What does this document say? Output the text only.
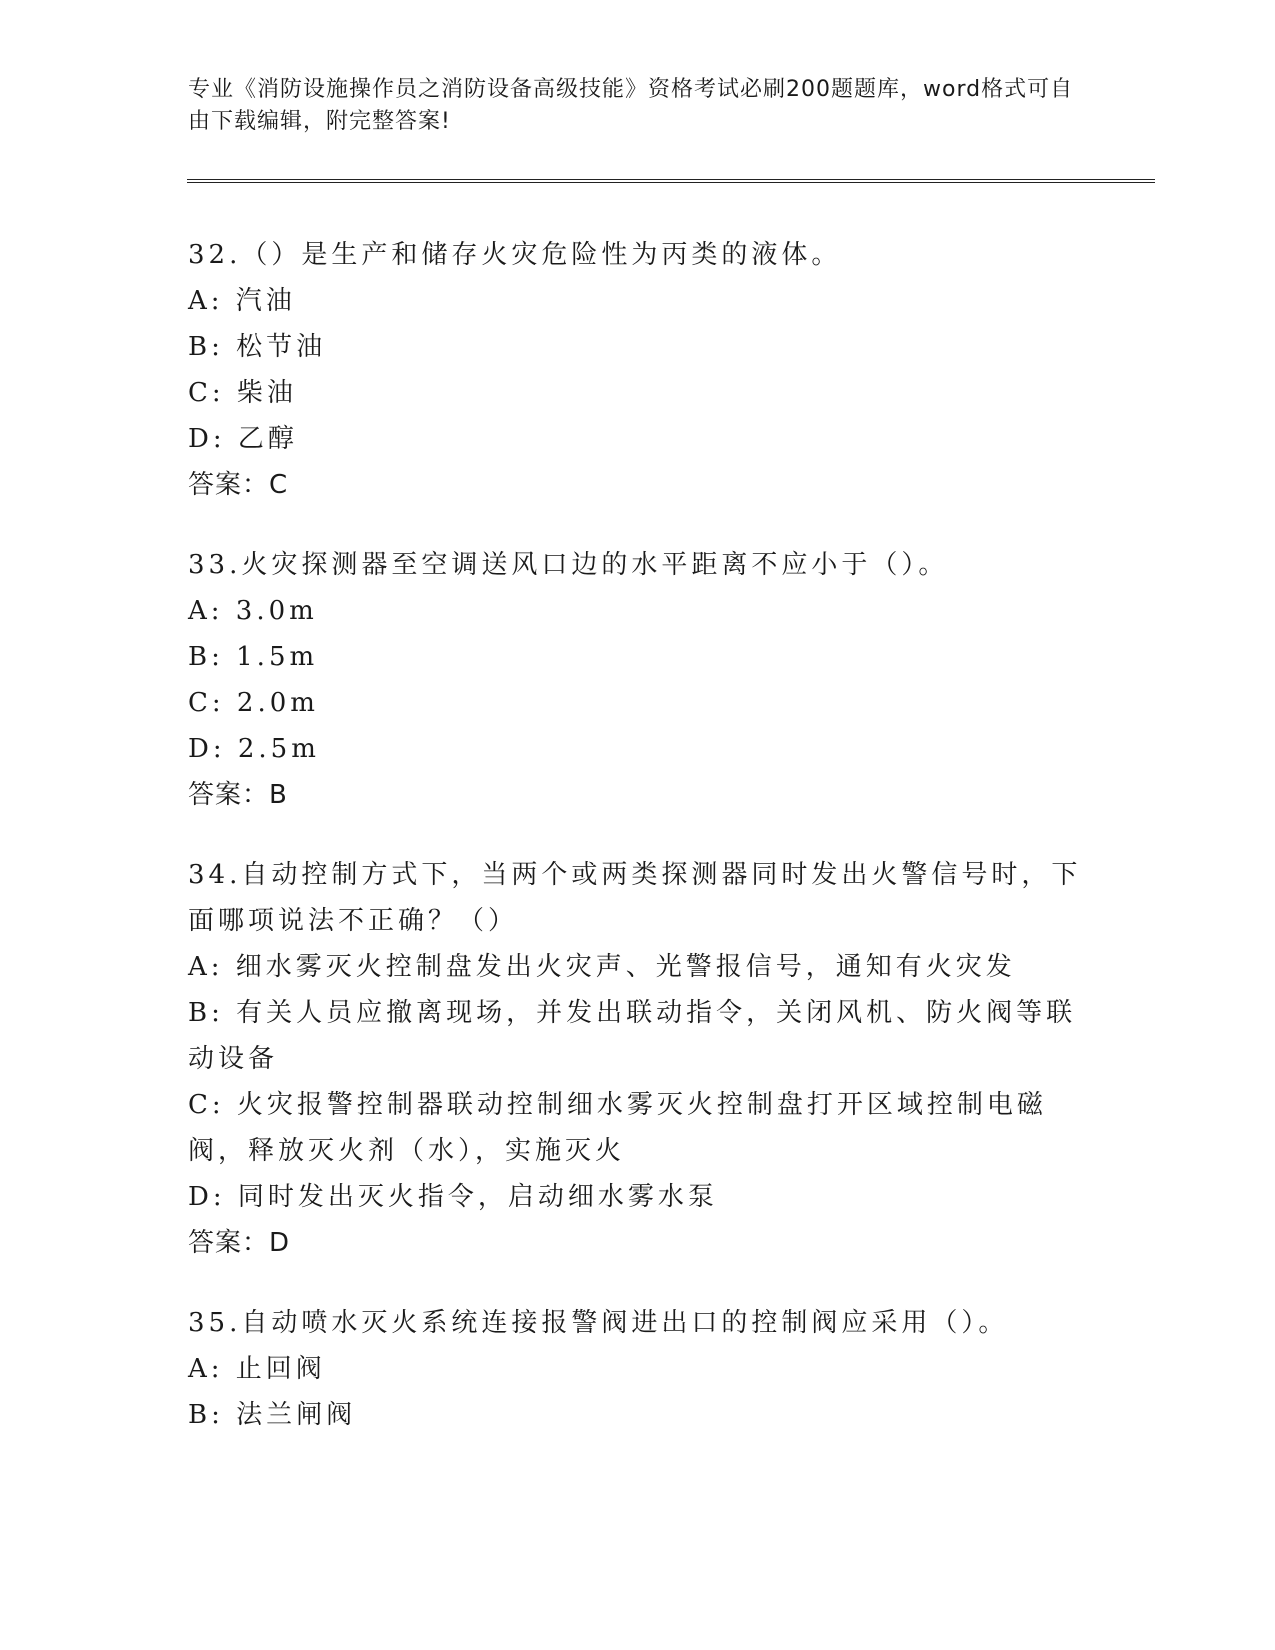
专业《消防设施操作员之消防设备高级技能》资格考试必刷200题题库，word格式可自由下载编辑，附完整答案!
32.（）是生产和储存火灾危险性为丙类的液体。
A: 汽油
B: 松节油
C: 柴油
D: 乙醇
答案：C
33.火灾探测器至空调送风口边的水平距离不应小于（）。
A: 3.0m
B: 1.5m
C: 2.0m
D: 2.5m
答案：B
34.自动控制方式下，当两个或两类探测器同时发出火警信号时，下面哪项说法不正确？（）
A: 细水雾灭火控制盘发出火灾声、光警报信号，通知有火灾发
B: 有关人员应撤离现场，并发出联动指令，关闭风机、防火阀等联动设备
C: 火灾报警控制器联动控制细水雾灭火控制盘打开区域控制电磁阀，释放灭火剂（水），实施灭火
D: 同时发出灭火指令，启动细水雾水泵
答案：D
35.自动喷水灭火系统连接报警阀进出口的控制阀应采用（）。
A: 止回阀
B: 法兰闸阀
